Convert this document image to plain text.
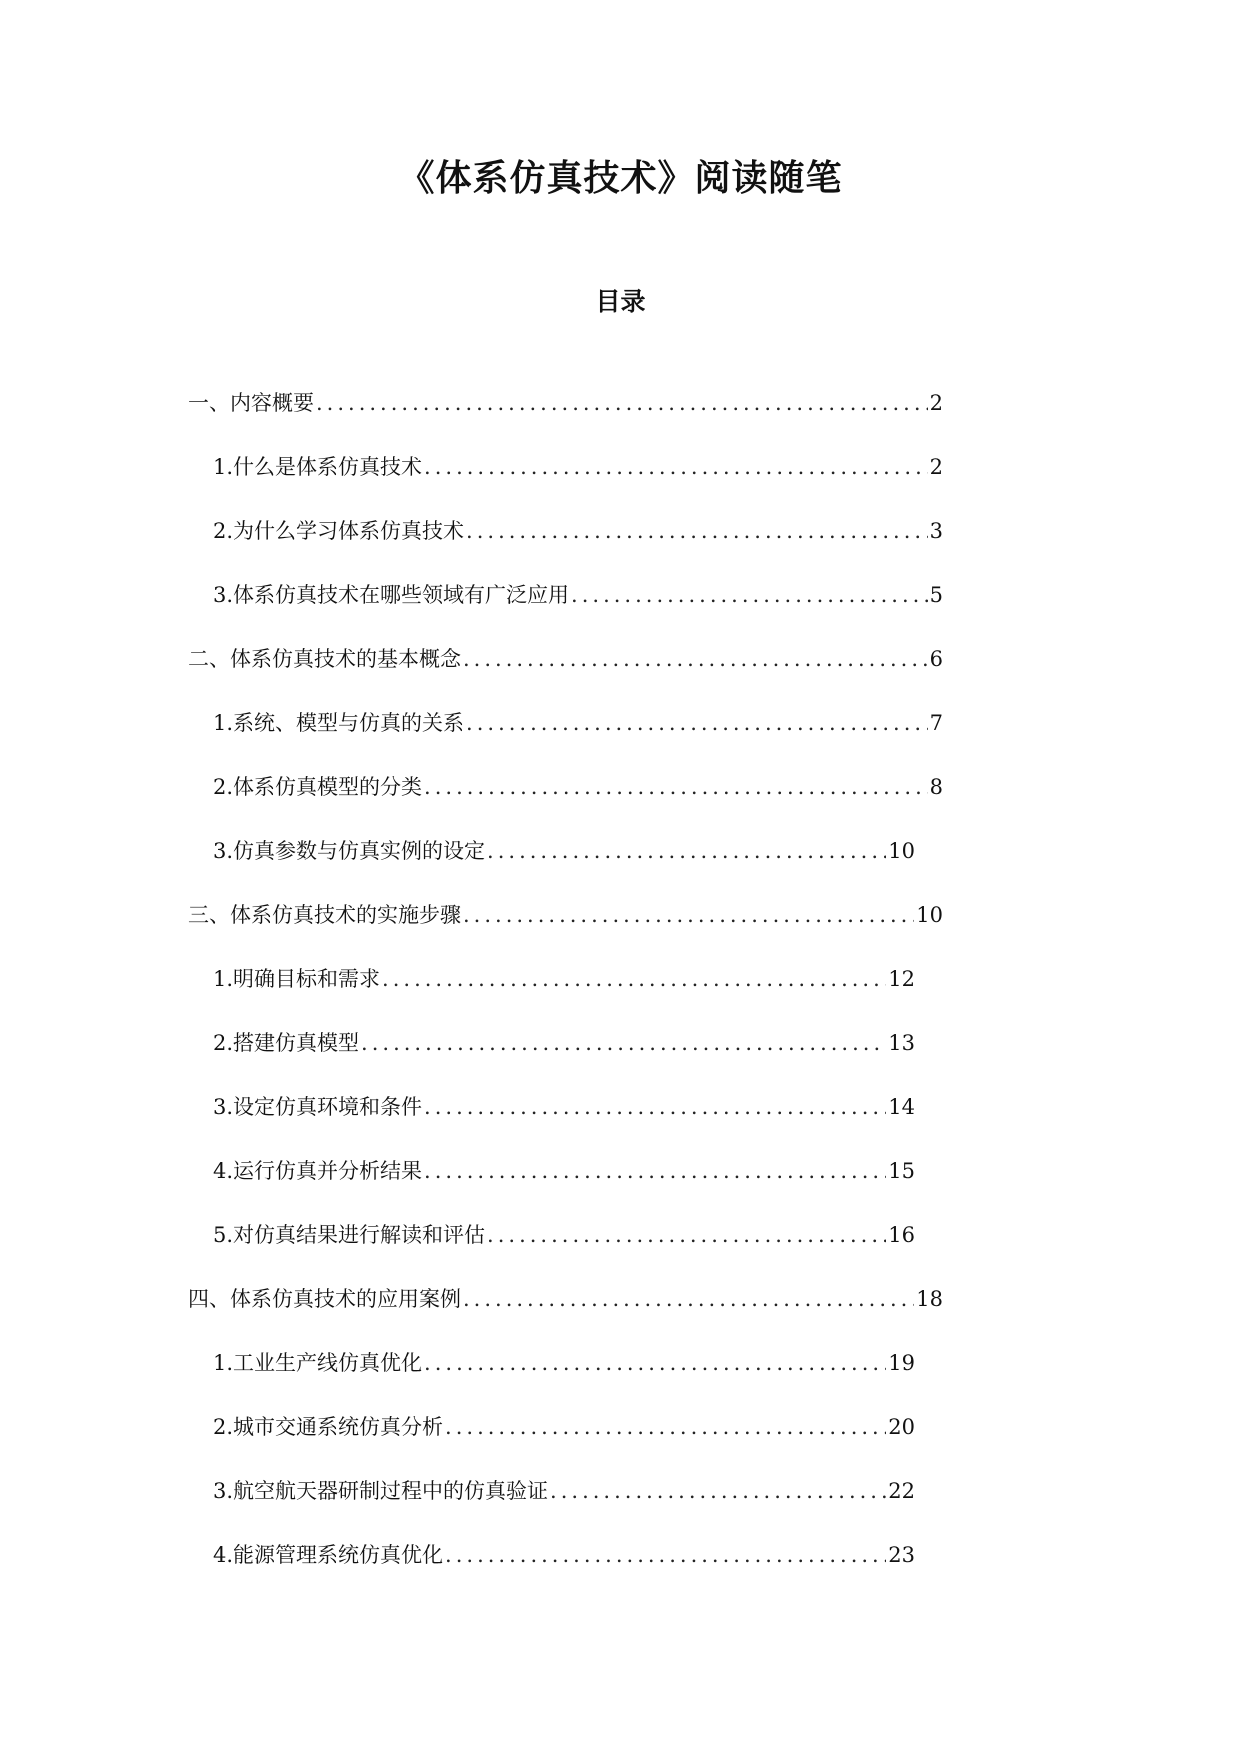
《体系仿真技术》阅读随笔
目录
一、内容概要 .....	2
1. 什么是体系仿真技术 .....	2
2. 为什么学习体系仿真技术 .....	3
3. 体系仿真技术在哪些领域有广泛应用 .....	5
二、体系仿真技术的基本概念 .....	6
1. 系统、模型与仿真的关系 .....	7
2. 体系仿真模型的分类 .....	8
3. 仿真参数与仿真实例的设定 .....	10
三、体系仿真技术的实施步骤 .....	10
1. 明确目标和需求 .....	12
2. 搭建仿真模型 .....	13
3. 设定仿真环境和条件 .....	14
4. 运行仿真并分析结果 .....	15
5. 对仿真结果进行解读和评估 .....	16
四、体系仿真技术的应用案例 .....	18
1. 工业生产线仿真优化 .....	19
2. 城市交通系统仿真分析 .....	20
3. 航空航天器研制过程中的仿真验证 .....	22
4. 能源管理系统仿真优化 .....	23
